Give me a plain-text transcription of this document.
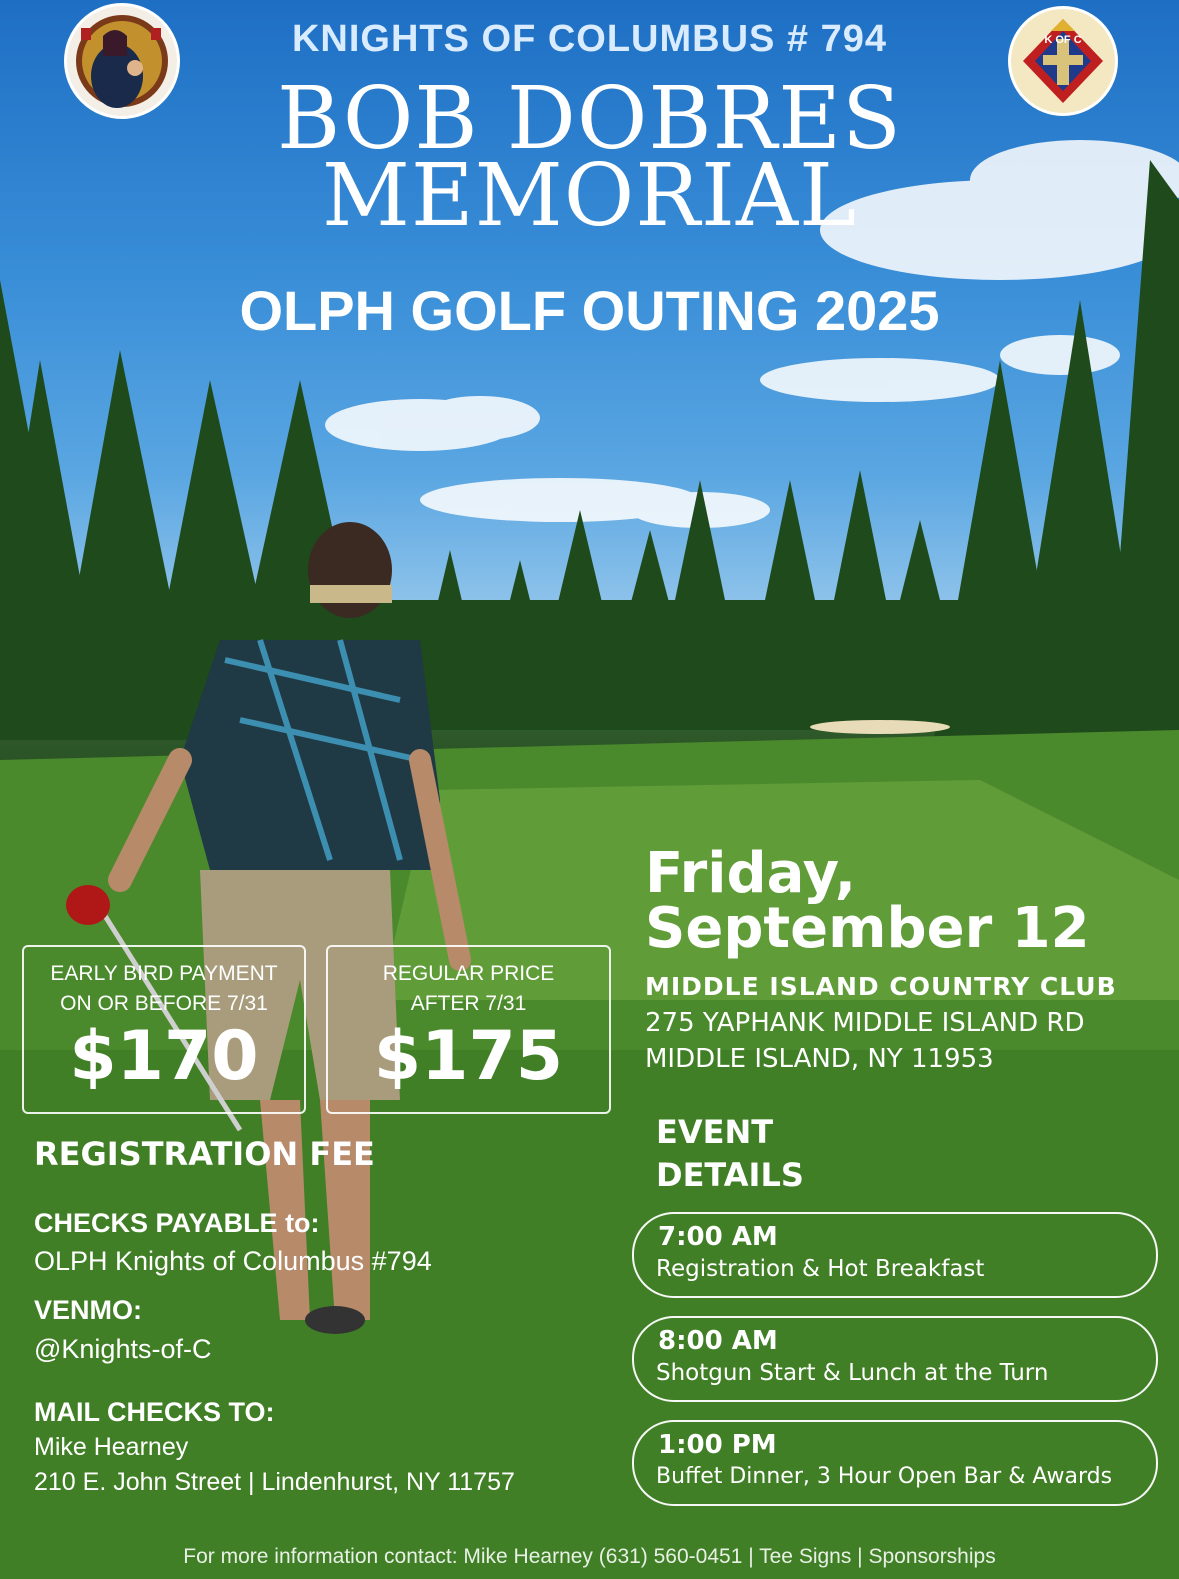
K OF C
KNIGHTS OF COLUMBUS # 794
BOB DOBRES
MEMORIAL
OLPH GOLF OUTING 2025
Friday,
September 12
MIDDLE ISLAND COUNTRY CLUB
275 YAPHANK MIDDLE ISLAND RD
MIDDLE ISLAND, NY 11953
EARLY BIRD PAYMENT
ON OR BEFORE 7/31
$170
REGULAR PRICE
AFTER 7/31
$175
REGISTRATION FEE
CHECKS PAYABLE to:
OLPH Knights of Columbus #794
VENMO:
@Knights-of-C
MAIL CHECKS TO:
Mike Hearney
210 E. John Street | Lindenhurst, NY 11757
EVENT
DETAILS
7:00 AM
Registration & Hot Breakfast
8:00 AM
Shotgun Start & Lunch at the Turn
1:00 PM
Buffet Dinner, 3 Hour Open Bar & Awards
For more information contact: Mike Hearney (631) 560-0451 | Tee Signs | Sponsorships
